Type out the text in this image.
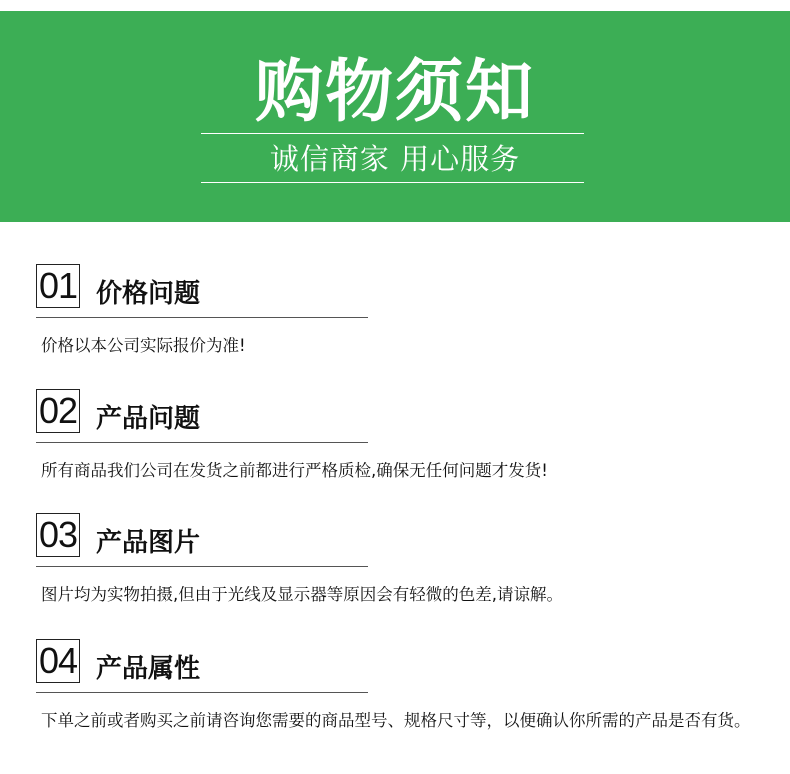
购物须知
诚信商家 用心服务
01 价格问题
价格以本公司实际报价为准!
02 产品问题
所有商品我们公司在发货之前都进行严格质检,确保无任何问题才发货!
03 产品图片
图片均为实物拍摄,但由于光线及显示器等原因会有轻微的色差,请谅解。
04 产品属性
下单之前或者购买之前请咨询您需要的商品型号、规格尺寸等，以便确认你所需的产品是否有货。
